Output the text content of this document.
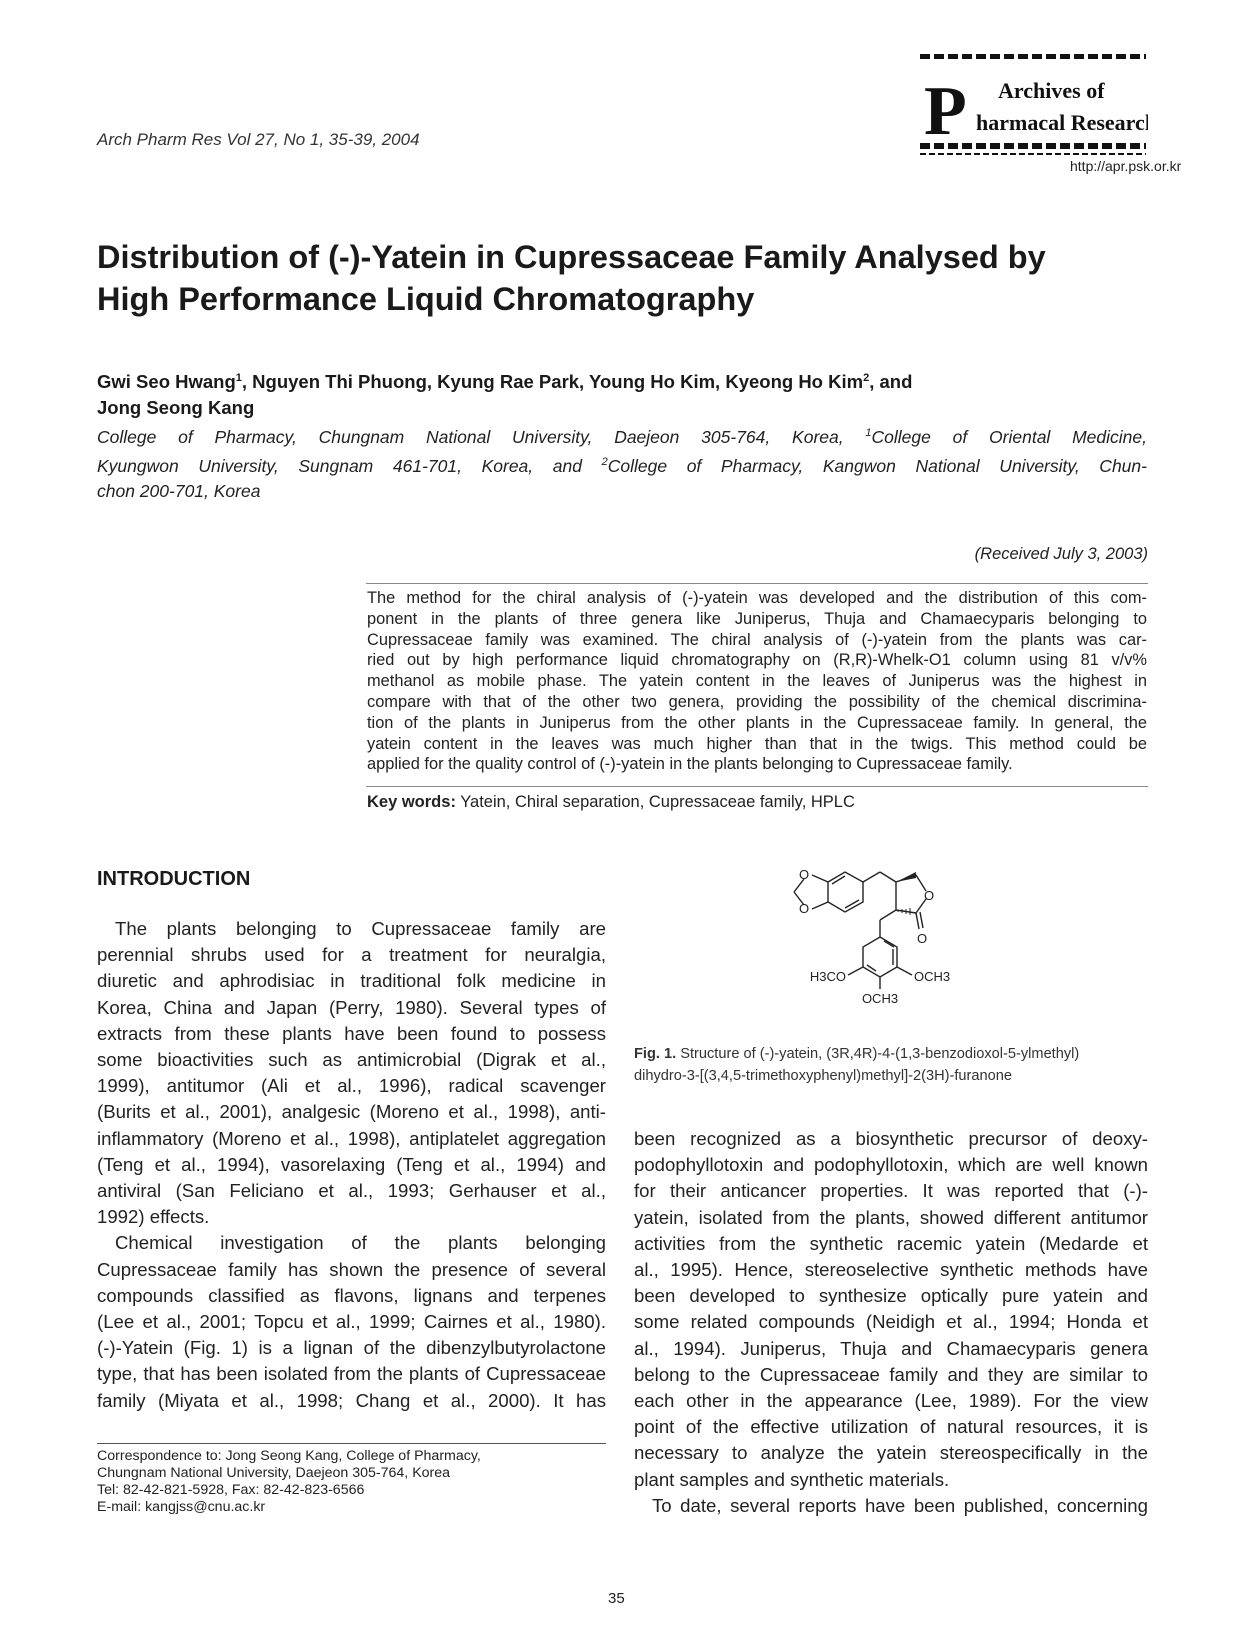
Arch Pharm Res Vol 27, No 1, 35-39, 2004	P Archives of
harmacal Research
http://apr.psk.or.kr
Distribution of (-)-Yatein in Cupressaceae Family Analysed by
High Performance Liquid Chromatography
Gwi Seo Hwang$^1$, Nguyen Thi Phuong, Kyung Rae Park, Young Ho Kim, Kyeong Ho Kim$^2$, and
Jong Seong Kang
College of Pharmacy, Chungnam National University, Daejeon 305-764, Korea, $^1$College of Oriental Medicine,
Kyungwon University, Sungnam 461-701, Korea, and $^2$College of Pharmacy, Kangwon National University, Chun-
chon 200-701, Korea
(Received July 3, 2003)
The method for the chiral analysis of (-)-yatein was developed and the distribution of this com-
ponent in the plants of three genera like Juniperus, Thuja and Chamaecyparis belonging to
Cupressaceae family was examined. The chiral analysis of (-)-yatein from the plants was car-
ried out by high performance liquid chromatography on (R,R)-Whelk-O1 column using 81 v/v%
methanol as mobile phase. The yatein content in the leaves of Juniperus was the highest in
compare with that of the other two genera, providing the possibility of the chemical discrimina-
tion of the plants in Juniperus from the other plants in the Cupressaceae family. In general, the
yatein content in the leaves was much higher than that in the twigs. This method could be
applied for the quality control of (-)-yatein in the plants belonging to Cupressaceae family.
Key words: Yatein, Chiral separation, Cupressaceae family, HPLC
INTRODUCTION
The plants belonging to Cupressaceae family are
perennial shrubs used for a treatment for neuralgia,
diuretic and aphrodisiac in traditional folk medicine in
Korea, China and Japan (Perry, 1980). Several types of
extracts from these plants have been found to possess
some bioactivities such as antimicrobial (Digrak et al.,
1999), antitumor (Ali et al., 1996), radical scavenger
(Burits et al., 2001), analgesic (Moreno et al., 1998), anti-
inflammatory (Moreno et al., 1998), antiplatelet aggregation
(Teng et al., 1994), vasorelaxing (Teng et al., 1994) and
antiviral (San Feliciano et al., 1993; Gerhauser et al.,
1992) effects.
Chemical investigation of the plants belonging
Cupressaceae family has shown the presence of several
compounds classified as flavons, lignans and terpenes
(Lee et al., 2001; Topcu et al., 1999; Cairnes et al., 1980).
(-)-Yatein (Fig. 1) is a lignan of the dibenzylbutyrolactone
type, that has been isolated from the plants of Cupressaceae
family (Miyata et al., 1998; Chang et al., 2000). It has
Correspondence to: Jong Seong Kang, College of Pharmacy,
Chungnam National University, Daejeon 305-764, Korea
Tel: 82-42-821-5928, Fax: 82-42-823-6566
E-mail: kangjss@cnu.ac.kr
O
O
O
O
H3CO	OCH3
OCH3
Fig. 1. Structure of (-)-yatein, (3R,4R)-4-(1,3-benzodioxol-5-ylmethyl)
dihydro-3-[(3,4,5-trimethoxyphenyl)methyl]-2(3H)-furanone
been recognized as a biosynthetic precursor of deoxy-
podophyllotoxin and podophyllotoxin, which are well known
for their anticancer properties. It was reported that (-)-
yatein, isolated from the plants, showed different antitumor
activities from the synthetic racemic yatein (Medarde et
al., 1995). Hence, stereoselective synthetic methods have
been developed to synthesize optically pure yatein and
some related compounds (Neidigh et al., 1994; Honda et
al., 1994). Juniperus, Thuja and Chamaecyparis genera
belong to the Cupressaceae family and they are similar to
each other in the appearance (Lee, 1989). For the view
point of the effective utilization of natural resources, it is
necessary to analyze the yatein stereospecifically in the
plant samples and synthetic materials.
To date, several reports have been published, concerning
35
